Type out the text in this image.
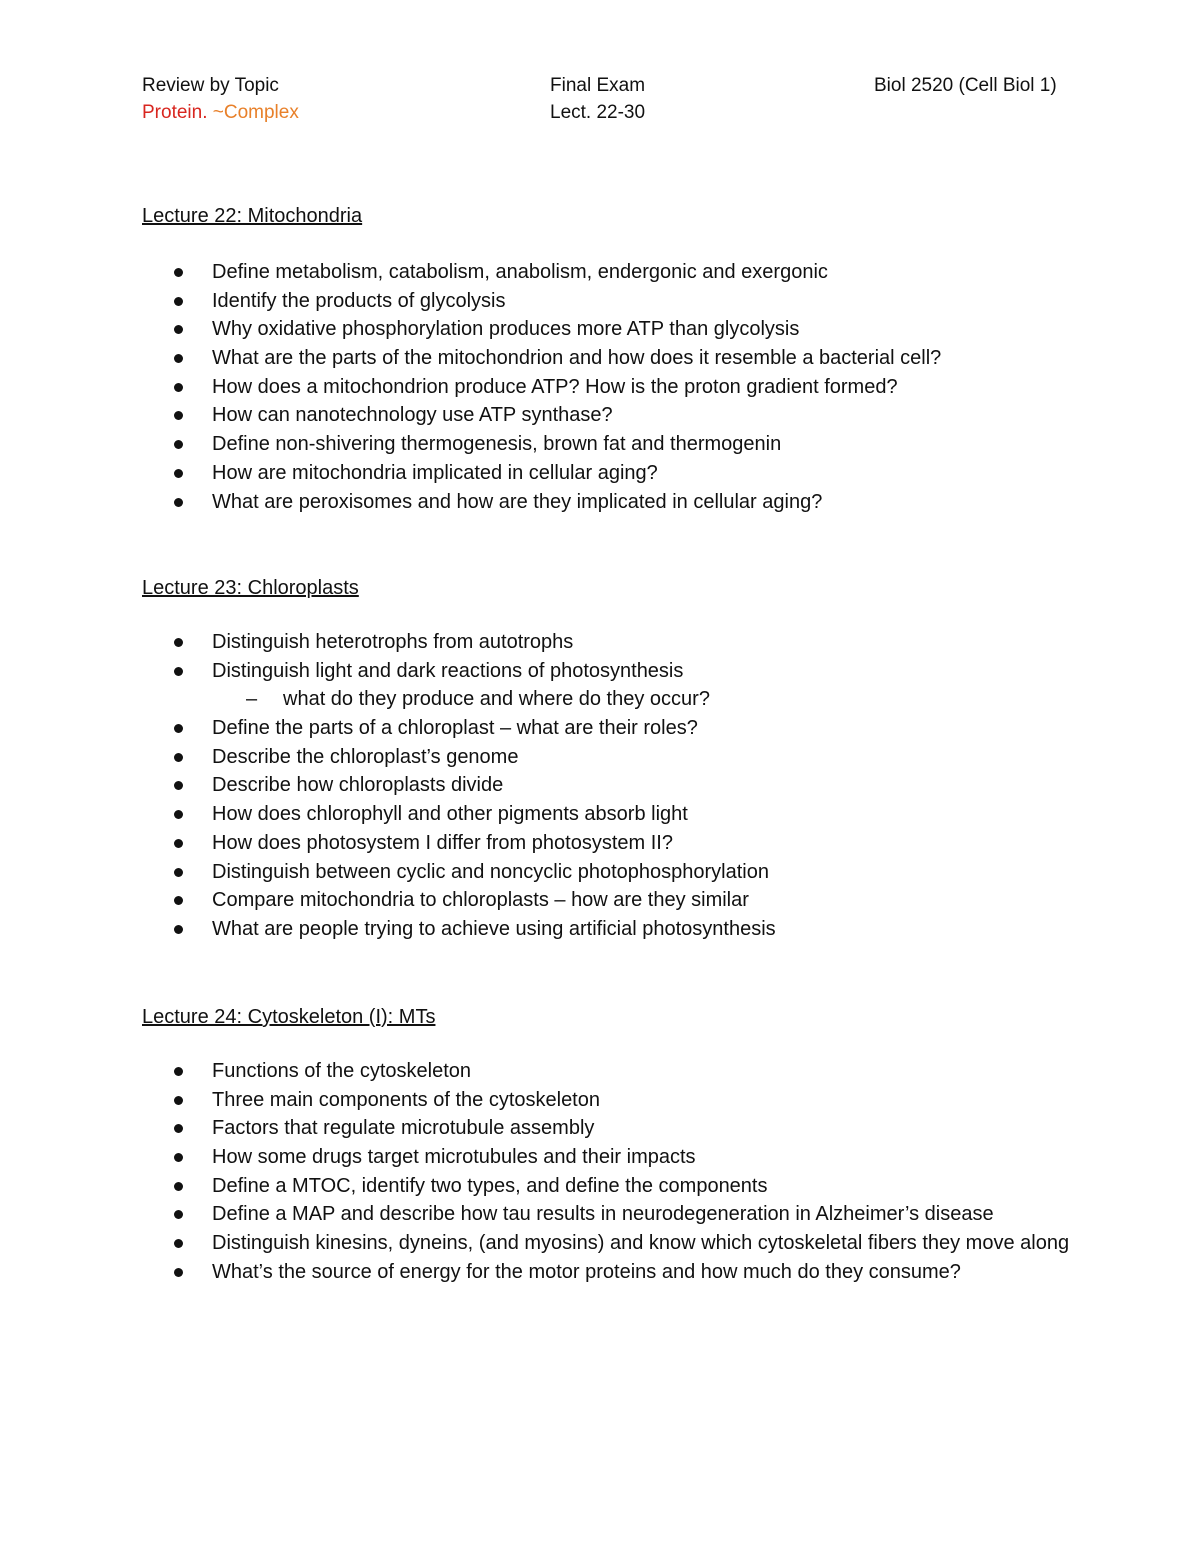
Review by Topic
Protein. ~Complex
Final Exam
Lect. 22-30
Biol 2520 (Cell Biol 1)
Lecture 22: Mitochondria
Define metabolism, catabolism, anabolism, endergonic and exergonic
Identify the products of glycolysis
Why oxidative phosphorylation produces more ATP than glycolysis
What are the parts of the mitochondrion and how does it resemble a bacterial cell?
How does a mitochondrion produce ATP? How is the proton gradient formed?
How can nanotechnology use ATP synthase?
Define non-shivering thermogenesis, brown fat and thermogenin
How are mitochondria implicated in cellular aging?
What are peroxisomes and how are they implicated in cellular aging?
Lecture 23: Chloroplasts
Distinguish heterotrophs from autotrophs
Distinguish light and dark reactions of photosynthesis
– what do they produce and where do they occur?
Define the parts of a chloroplast – what are their roles?
Describe the chloroplast’s genome
Describe how chloroplasts divide
How does chlorophyll and other pigments absorb light
How does photosystem I differ from photosystem II?
Distinguish between cyclic and noncyclic photophosphorylation
Compare mitochondria to chloroplasts – how are they similar
What are people trying to achieve using artificial photosynthesis
Lecture 24: Cytoskeleton (I): MTs
Functions of the cytoskeleton
Three main components of the cytoskeleton
Factors that regulate microtubule assembly
How some drugs target microtubules and their impacts
Define a MTOC, identify two types, and define the components
Define a MAP and describe how tau results in neurodegeneration in Alzheimer’s disease
Distinguish kinesins, dyneins, (and myosins) and know which cytoskeletal fibers they move along
What’s the source of energy for the motor proteins and how much do they consume?
